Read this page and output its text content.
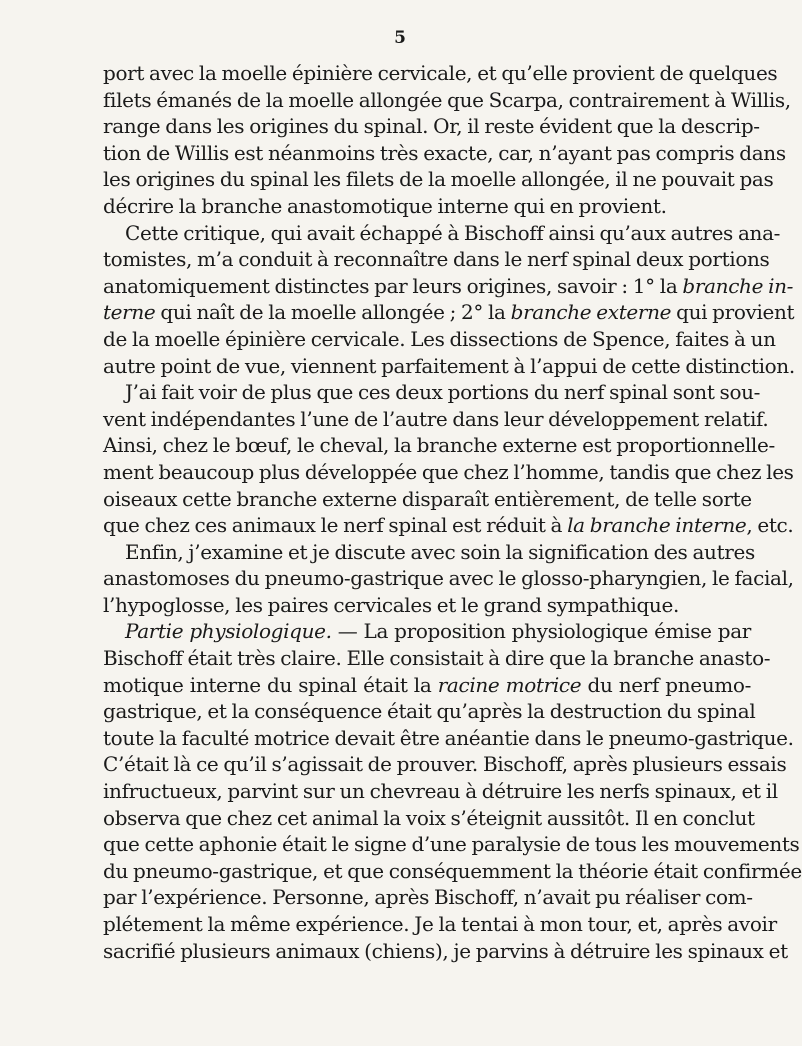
5
port avec la moelle épinière cervicale, et qu’elle provient de quelques
filets émanés de la moelle allongée que Scarpa, contrairement à Willis,
range dans les origines du spinal. Or, il reste évident que la descrip-
tion de Willis est néanmoins très exacte, car, n’ayant pas compris dans
les origines du spinal les filets de la moelle allongée, il ne pouvait pas
décrire la branche anastomotique interne qui en provient.
Cette critique, qui avait échappé à Bischoff ainsi qu’aux autres ana-
tomistes, m’a conduit à reconnaître dans le nerf spinal deux portions
anatomiquement distinctes par leurs origines, savoir : 1° la branche in-
terne qui naît de la moelle allongée ; 2° la branche externe qui provient
de la moelle épinière cervicale. Les dissections de Spence, faites à un
autre point de vue, viennent parfaitement à l’appui de cette distinction.
J’ai fait voir de plus que ces deux portions du nerf spinal sont sou-
vent indépendantes l’une de l’autre dans leur développement relatif.
Ainsi, chez le bœuf, le cheval, la branche externe est proportionnelle-
ment beaucoup plus développée que chez l’homme, tandis que chez les
oiseaux cette branche externe disparaît entièrement, de telle sorte
que chez ces animaux le nerf spinal est réduit à la branche interne, etc.
Enfin, j’examine et je discute avec soin la signification des autres
anastomoses du pneumo-gastrique avec le glosso-pharyngien, le facial,
l’hypoglosse, les paires cervicales et le grand sympathique.
Partie physiologique. — La proposition physiologique émise par
Bischoff était très claire. Elle consistait à dire que la branche anasto-
motique interne du spinal était la racine motrice du nerf pneumo-
gastrique, et la conséquence était qu’après la destruction du spinal
toute la faculté motrice devait être anéantie dans le pneumo-gastrique.
C’était là ce qu’il s’agissait de prouver. Bischoff, après plusieurs essais
infructueux, parvint sur un chevreau à détruire les nerfs spinaux, et il
observa que chez cet animal la voix s’éteignit aussitôt. Il en conclut
que cette aphonie était le signe d’une paralysie de tous les mouvements
du pneumo-gastrique, et que conséquemment la théorie était confirmée
par l’expérience. Personne, après Bischoff, n’avait pu réaliser com-
plétement la même expérience. Je la tentai à mon tour, et, après avoir
sacrifié plusieurs animaux (chiens), je parvins à détruire les spinaux et
